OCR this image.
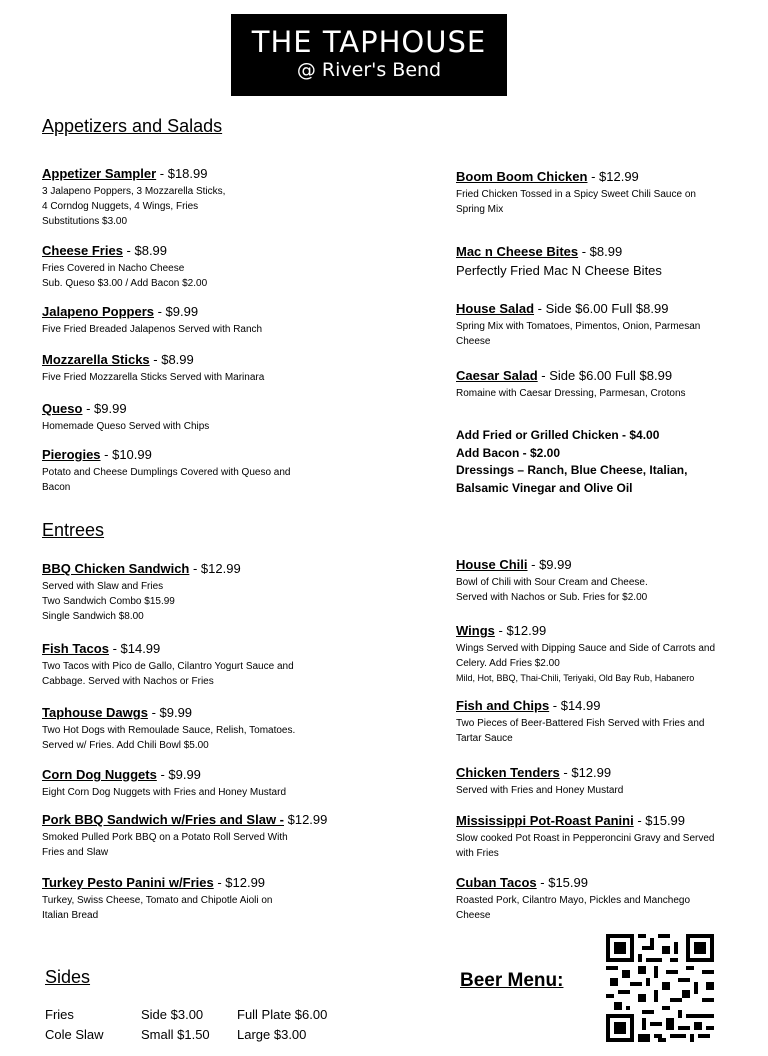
THE TAPHOUSE
@ River's Bend
Appetizers and Salads
Entrees
Sides
Appetizer Sampler - $18.99
3 Jalapeno Poppers, 3 Mozzarella Sticks,
4 Corndog Nuggets, 4 Wings, Fries
Substitutions $3.00
Cheese Fries - $8.99
Fries Covered in Nacho Cheese
Sub. Queso $3.00 / Add Bacon $2.00
Jalapeno Poppers - $9.99
Five Fried Breaded Jalapenos Served with Ranch
Mozzarella Sticks - $8.99
Five Fried Mozzarella Sticks Served with Marinara
Queso - $9.99
Homemade Queso Served with Chips
Pierogies - $10.99
Potato and Cheese Dumplings Covered with Queso and
Bacon
Boom Boom Chicken - $12.99
Fried Chicken Tossed in a Spicy Sweet Chili Sauce on
Spring Mix
Mac n Cheese Bites - $8.99
Perfectly Fried Mac N Cheese Bites
House Salad - Side $6.00 Full $8.99
Spring Mix with Tomatoes, Pimentos, Onion, Parmesan
Cheese
Caesar Salad - Side $6.00 Full $8.99
Romaine with Caesar Dressing, Parmesan, Crotons
Add Fried or Grilled Chicken - $4.00
Add Bacon - $2.00
Dressings – Ranch, Blue Cheese, Italian,
Balsamic Vinegar and Olive Oil
BBQ Chicken Sandwich - $12.99
Served with Slaw and Fries
Two Sandwich Combo $15.99
Single Sandwich $8.00
Fish Tacos - $14.99
Two Tacos with Pico de Gallo, Cilantro Yogurt Sauce and
Cabbage. Served with Nachos or Fries
Taphouse Dawgs - $9.99
Two Hot Dogs with Remoulade Sauce, Relish, Tomatoes.
Served w/ Fries. Add Chili Bowl $5.00
Corn Dog Nuggets - $9.99
Eight Corn Dog Nuggets with Fries and Honey Mustard
Pork BBQ Sandwich w/Fries and Slaw - $12.99
Smoked Pulled Pork BBQ on a Potato Roll Served With
Fries and Slaw
Turkey Pesto Panini w/Fries - $12.99
Turkey, Swiss Cheese, Tomato and Chipotle Aioli on
Italian Bread
House Chili - $9.99
Bowl of Chili with Sour Cream and Cheese.
Served with Nachos or Sub. Fries for $2.00
Wings - $12.99
Wings Served with Dipping Sauce and Side of Carrots and
Celery. Add Fries $2.00
Mild, Hot, BBQ, Thai-Chili, Teriyaki, Old Bay Rub, Habanero
Fish and Chips - $14.99
Two Pieces of Beer-Battered Fish Served with Fries and
Tartar Sauce
Chicken Tenders - $12.99
Served with Fries and Honey Mustard
Mississippi Pot-Roast Panini - $15.99
Slow cooked Pot Roast in Pepperoncini Gravy and Served
with Fries
Cuban Tacos - $15.99
Roasted Pork, Cilantro Mayo, Pickles and Manchego
Cheese
Fries	Side $3.00	Full Plate $6.00
Cole Slaw	Small $1.50 Large $3.00
Beer Menu:
